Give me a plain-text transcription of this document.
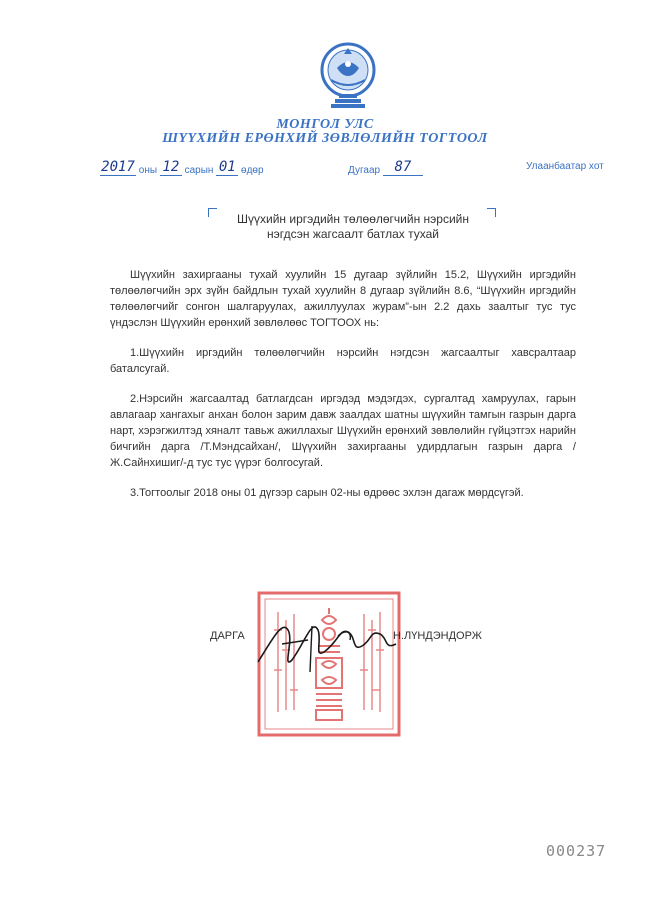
МОНГОЛ УЛС
ШҮҮХИЙН ЕРӨНХИЙ ЗӨВЛӨЛИЙН ТОГТООЛ
2017 оны 12 сарын 01 өдөр	Дугаар 87	Улаанбаатар хот
Шүүхийн иргэдийн төлөөлөгчийн нэрсийн
нэгдсэн жагсаалт батлах тухай

Шүүхийн захиргааны тухай хуулийн 15 дугаар зүйлийн 15.2, Шүүхийн иргэдийн төлөөлөгчийн эрх зүйн байдлын тухай хуулийн 8 дугаар зүйлийн 8.6, “Шүүхийн иргэдийн төлөөлөгчийг сонгон шалгаруулах, ажиллуулах журам”-ын 2.2 дахь заалтыг тус тус үндэслэн Шүүхийн ерөнхий зөвлөлөөс ТОГТООХ нь:

1.Шүүхийн иргэдийн төлөөлөгчийн нэрсийн нэгдсэн жагсаалтыг хавсралтаар баталсугай.

2.Нэрсийн жагсаалтад батлагдсан иргэдэд мэдэгдэх, сургалтад хамруулах, гарын авлагаар хангахыг анхан болон зарим давж заалдах шатны шүүхийн тамгын газрын дарга нарт, хэрэгжилтэд хяналт тавьж ажиллахыг Шүүхийн ерөнхий зөвлөлийн гүйцэтгэх нарийн бичгийн дарга /Т.Мэндсайхан/, Шүүхийн захиргааны удирдлагын газрын дарга /Ж.Сайнхишиг/-д тус тус үүрэг болгосугай.

3.Тогтоолыг 2018 оны 01 дүгээр сарын 02-ны өдрөөс эхлэн дагаж мөрдсүгэй.

ДАРГА	Н.ЛҮНДЭНДОРЖ
000237
